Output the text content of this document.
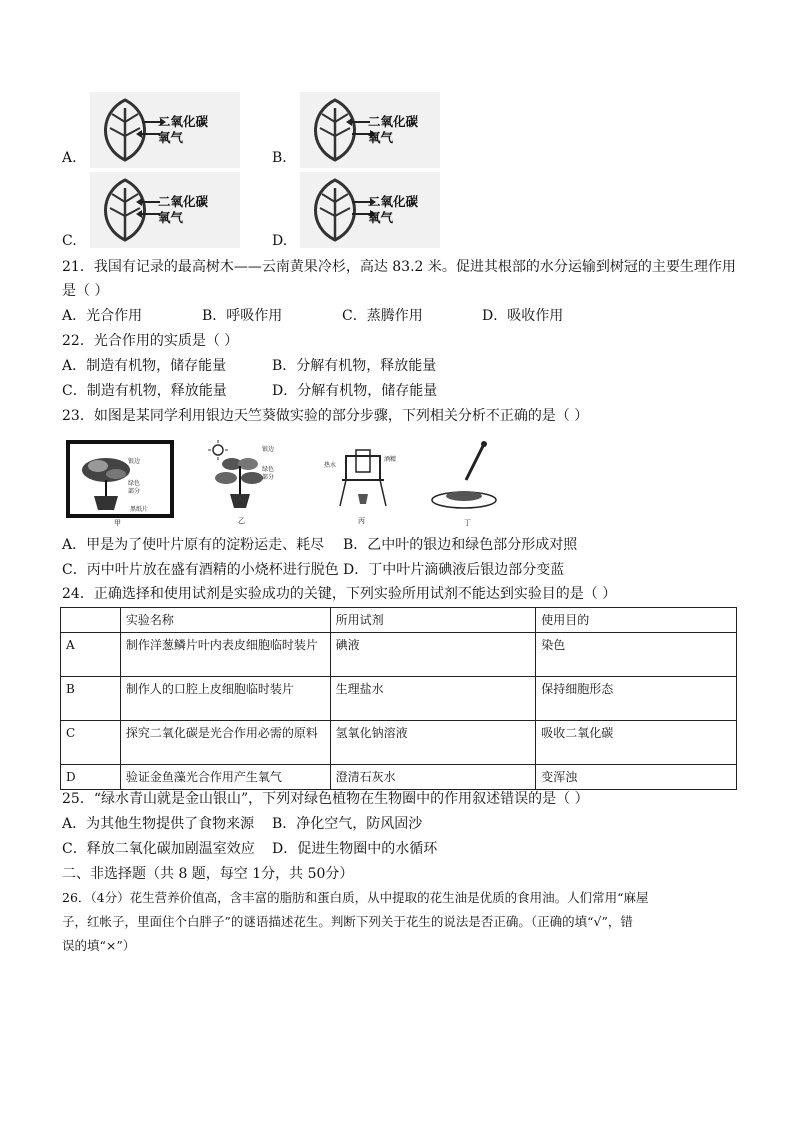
二氧化碳
氧气
A.
二氧化碳
氧气
B.
二氧化碳
氧气
C.
二氧化碳
氧气
D.
21．我国有记录的最高树木——云南黄果冷杉，高达 83.2 米。促进其根部的水分运输到树冠的主要生理作用
是（ ）
A．光合作用	B．呼吸作用	C．蒸腾作用	D．吸收作用
22．光合作用的实质是（ ）
A．制造有机物，储存能量	B．分解有机物，释放能量
C．制造有机物，释放能量	D．分解有机物，储存能量
23．如图是某同学利用银边天竺葵做实验的部分步骤，下列相关分析不正确的是（ ）
银边
绿色
部分
黑纸片
甲
银边
绿色
部分
乙
热水
酒精
丙	丁
A．甲是为了使叶片原有的淀粉运走、耗尽 B．乙中叶的银边和绿色部分形成对照
C．丙中叶片放在盛有酒精的小烧杯进行脱色 D．丁中叶片滴碘液后银边部分变蓝
24．正确选择和使用试剂是实验成功的关键，下列实验所用试剂不能达到实验目的是（ ）
	实验名称	所用试剂	使用目的
A	制作洋葱鳞片叶内表皮细胞临时装片	碘液	染色
B	制作人的口腔上皮细胞临时装片	生理盐水	保持细胞形态
C	探究二氧化碳是光合作用必需的原料	氢氧化钠溶液	吸收二氧化碳
D	验证金鱼藻光合作用产生氧气	澄清石灰水	变浑浊
25．“绿水青山就是金山银山”，下列对绿色植物在生物圈中的作用叙述错误的是（ ）
A．为其他生物提供了食物来源 B．净化空气，防风固沙
C．释放二氧化碳加剧温室效应 D．促进生物圈中的水循环
二、非选择题（共 8 题，每空 1分，共 50分）
26．（4分）花生营养价值高，含丰富的脂肪和蛋白质，从中提取的花生油是优质的食用油。人们常用“麻屋
子，红帐子，里面住个白胖子”的谜语描述花生。判断下列关于花生的说法是否正确。（正确的填“√”，错
误的填“×”）
